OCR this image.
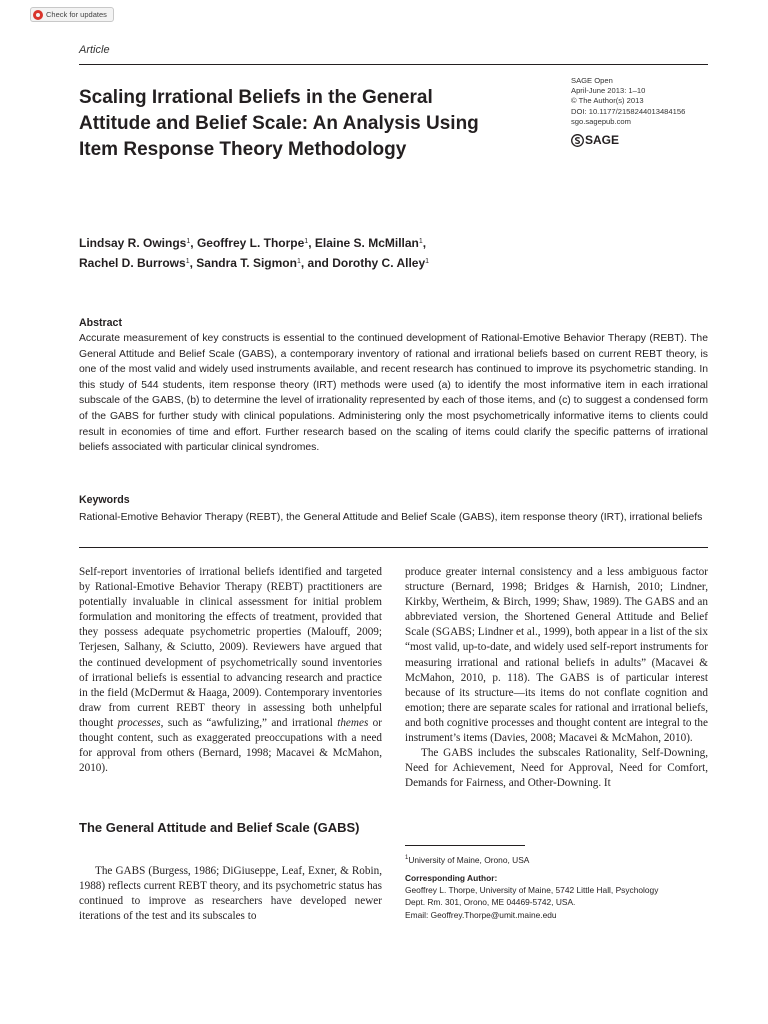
Check for updates
Article
Scaling Irrational Beliefs in the General Attitude and Belief Scale: An Analysis Using Item Response Theory Methodology
SAGE Open
April-June 2013: 1–10
© The Author(s) 2013
DOI: 10.1177/2158244013484156
sgo.sagepub.com
SAGE
Lindsay R. Owings$^1$, Geoffrey L. Thorpe$^1$, Elaine S. McMillan$^1$,
Rachel D. Burrows$^1$, Sandra T. Sigmon$^1$, and Dorothy C. Alley$^1$
Abstract

Accurate measurement of key constructs is essential to the continued development of Rational-Emotive Behavior Therapy (REBT). The General Attitude and Belief Scale (GABS), a contemporary inventory of rational and irrational beliefs based on current REBT theory, is one of the most valid and widely used instruments available, and recent research has continued to improve its psychometric standing. In this study of 544 students, item response theory (IRT) methods were used (a) to identify the most informative item in each irrational subscale of the GABS, (b) to determine the level of irrationality represented by each of those items, and (c) to suggest a condensed form of the GABS for further study with clinical populations. Administering only the most psychometrically informative items to clients could result in economies of time and effort. Further research based on the scaling of items could clarify the specific patterns of irrational beliefs associated with particular clinical syndromes.

Keywords

Rational-Emotive Behavior Therapy (REBT), the General Attitude and Belief Scale (GABS), item response theory (IRT), irrational beliefs

Self-report inventories of irrational beliefs identified and targeted by Rational-Emotive Behavior Therapy (REBT) practitioners are potentially invaluable in clinical assessment for initial problem formulation and monitoring the effects of treatment, provided that they possess adequate psychometric properties (Malouff, 2009; Terjesen, Salhany, & Sciutto, 2009). Reviewers have argued that the continued development of psychometrically sound inventories of irrational beliefs is essential to advancing research and practice in the field (McDermut & Haaga, 2009). Contemporary inventories draw from current REBT theory in assessing both unhelpful thought processes, such as “awfulizing,” and irrational themes or thought content, such as exaggerated preoccupations with a need for approval from others (Bernard, 1998; Macavei & McMahon, 2010).

The General Attitude and Belief Scale (GABS)

The GABS (Burgess, 1986; DiGiuseppe, Leaf, Exner, & Robin, 1988) reflects current REBT theory, and its psychometric status has continued to improve as researchers have developed newer iterations of the test and its subscales to

produce greater internal consistency and a less ambiguous factor structure (Bernard, 1998; Bridges & Harnish, 2010; Lindner, Kirkby, Wertheim, & Birch, 1999; Shaw, 1989). The GABS and an abbreviated version, the Shortened General Attitude and Belief Scale (SGABS; Lindner et al., 1999), both appear in a list of the six “most valid, up-to-date, and widely used self-report instruments for measuring irrational and rational beliefs in adults” (Macavei & McMahon, 2010, p. 118). The GABS is of particular interest because of its structure—its items do not conflate cognition and emotion; there are separate scales for rational and irrational beliefs, and both cognitive processes and thought content are integral to the instrument’s items (Davies, 2008; Macavei & McMahon, 2010).

The GABS includes the subscales Rationality, Self-Downing, Need for Achievement, Need for Approval, Need for Comfort, Demands for Fairness, and Other-Downing. It

$^1$University of Maine, Orono, USA
Corresponding Author:
Geoffrey L. Thorpe, University of Maine, 5742 Little Hall, Psychology
Dept. Rm. 301, Orono, ME 04469-5742, USA.
Email: Geoffrey.Thorpe@umit.maine.edu
